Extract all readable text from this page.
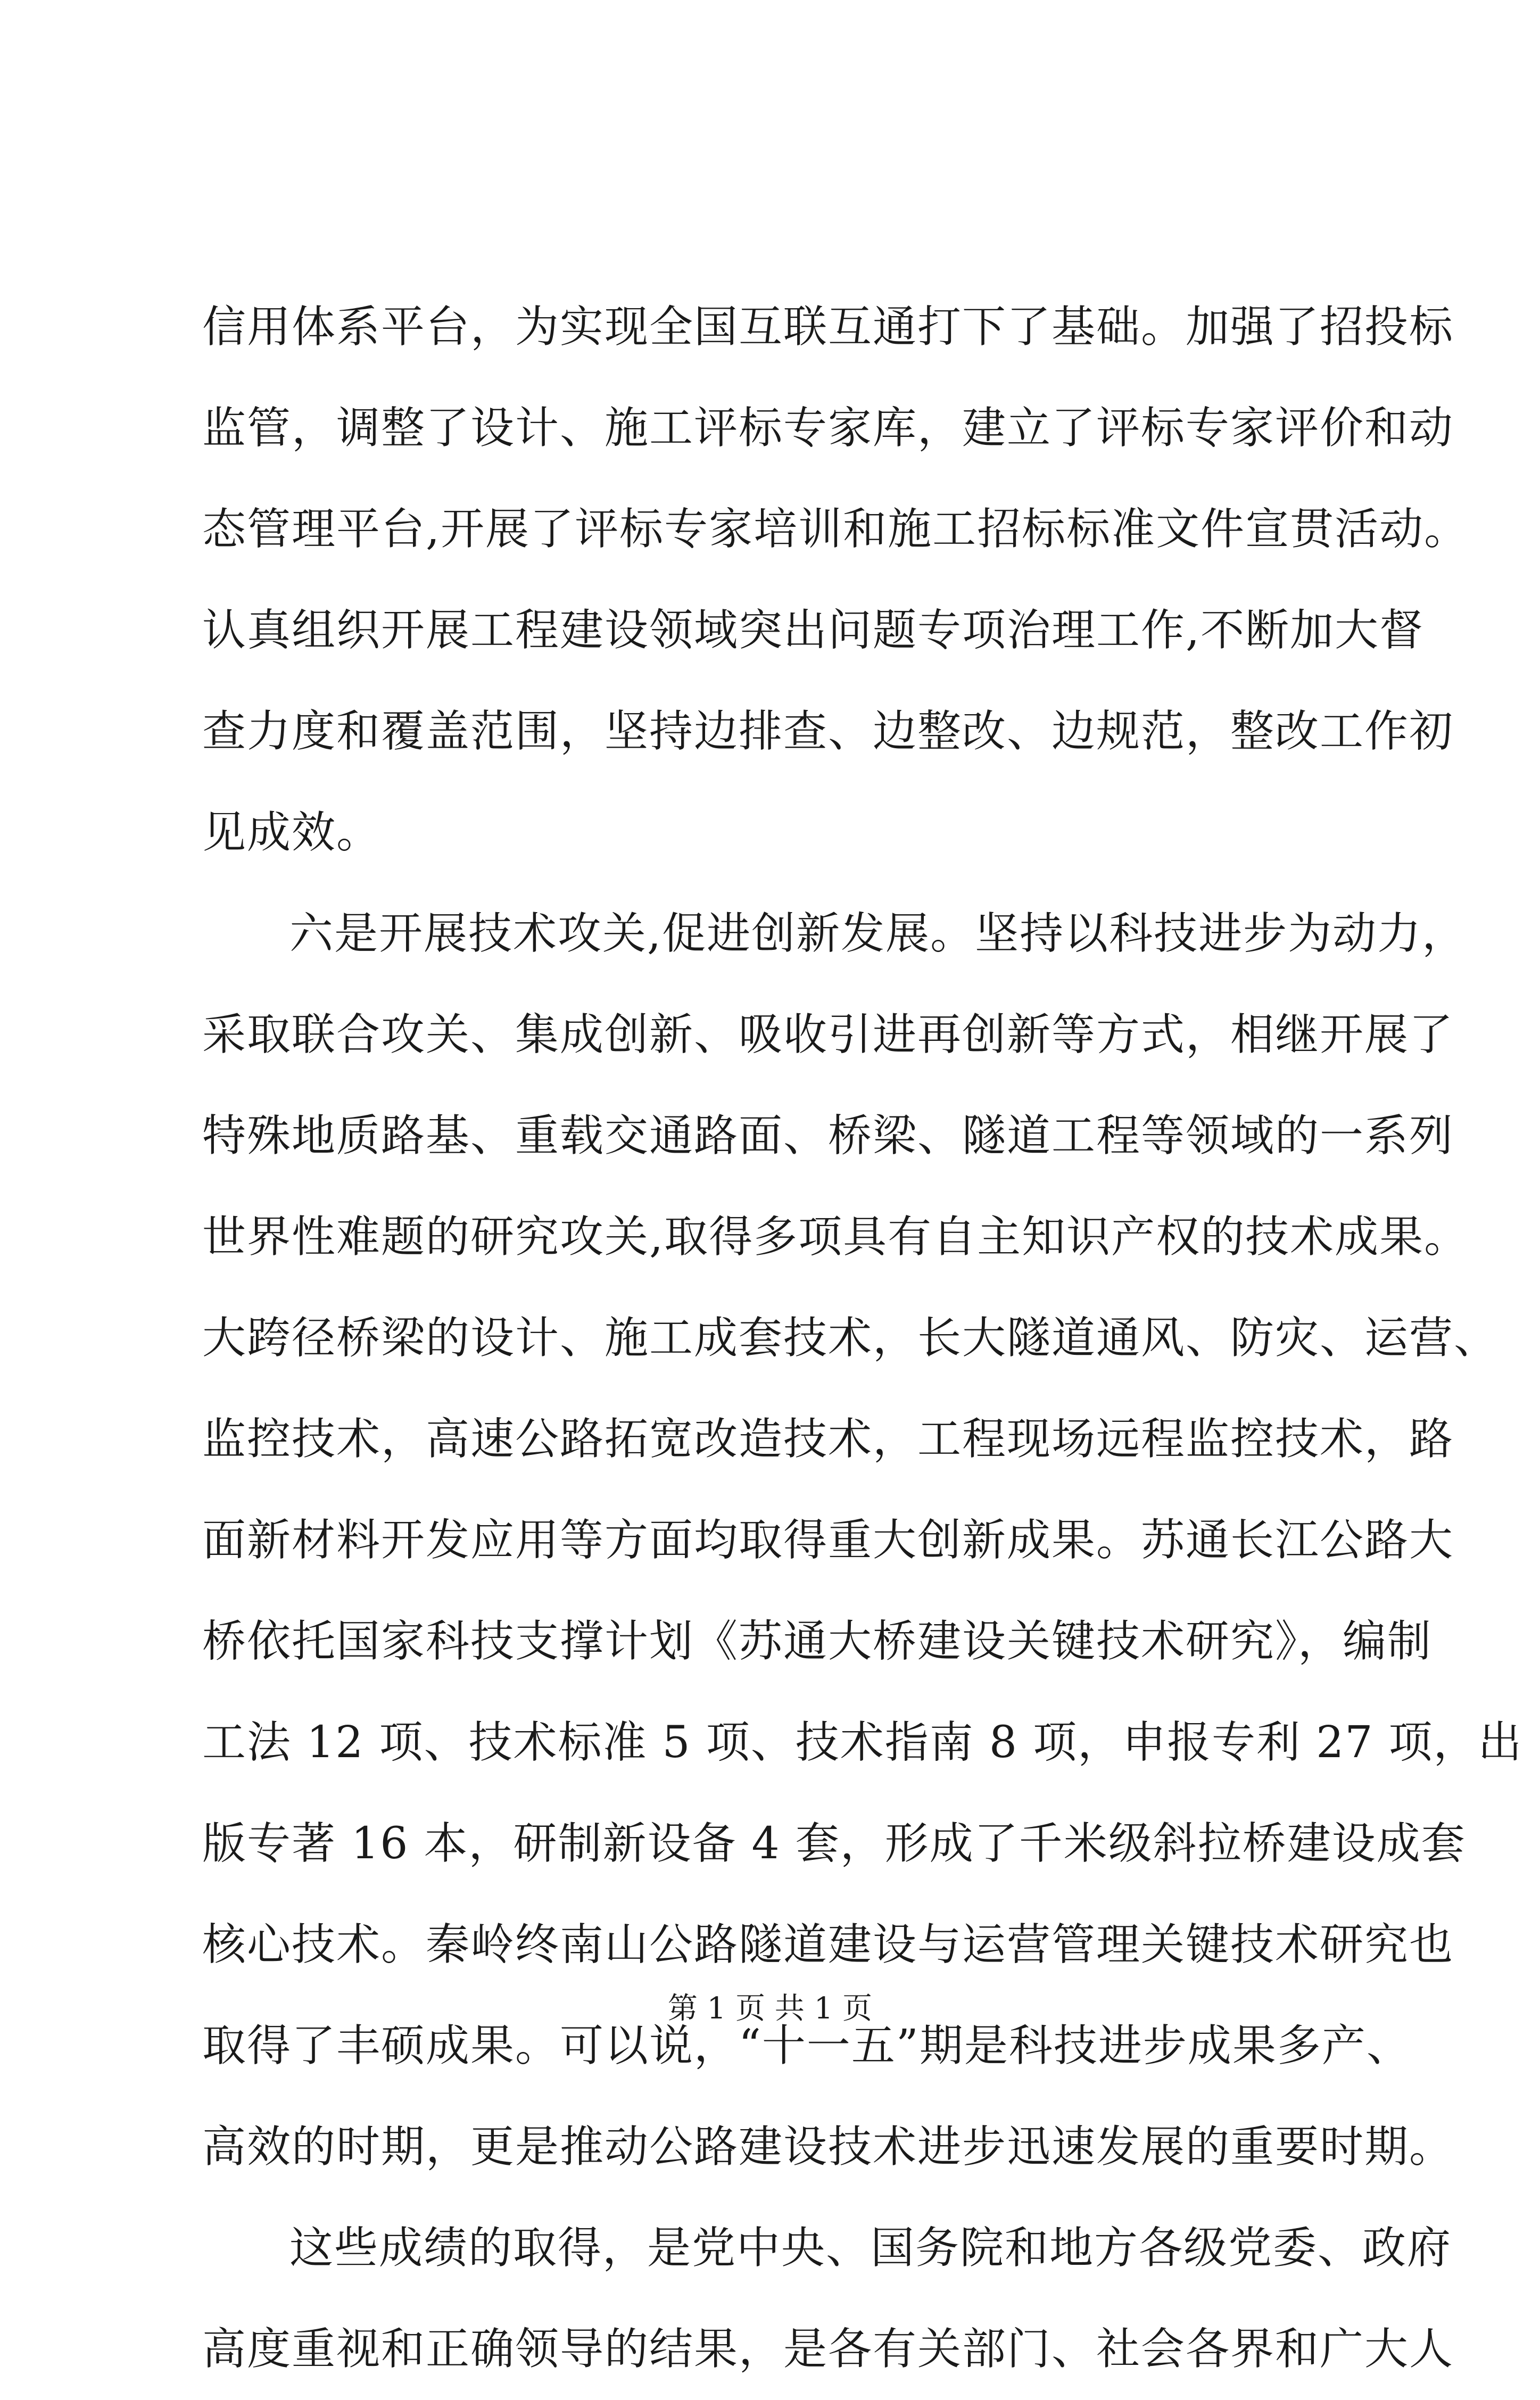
信用体系平台，为实现全国互联互通打下了基础。加强了招投标
监管，调整了设计、施工评标专家库，建立了评标专家评价和动
态管理平台,开展了评标专家培训和施工招标标准文件宣贯活动。
认真组织开展工程建设领域突出问题专项治理工作,不断加大督
查力度和覆盖范围，坚持边排查、边整改、边规范，整改工作初
见成效。
六是开展技术攻关,促进创新发展。坚持以科技进步为动力，
采取联合攻关、集成创新、吸收引进再创新等方式，相继开展了
特殊地质路基、重载交通路面、桥梁、隧道工程等领域的一系列
世界性难题的研究攻关,取得多项具有自主知识产权的技术成果。
大跨径桥梁的设计、施工成套技术，长大隧道通风、防灾、运营、
监控技术，高速公路拓宽改造技术，工程现场远程监控技术，路
面新材料开发应用等方面均取得重大创新成果。苏通长江公路大
桥依托国家科技支撑计划《苏通大桥建设关键技术研究》，编制
工法 12 项、技术标准 5 项、技术指南 8 项，申报专利 27 项，出
版专著 16 本，研制新设备 4 套，形成了千米级斜拉桥建设成套
核心技术。秦岭终南山公路隧道建设与运营管理关键技术研究也
取得了丰硕成果。可以说，“十一五”期是科技进步成果多产、
高效的时期，更是推动公路建设技术进步迅速发展的重要时期。
这些成绩的取得，是党中央、国务院和地方各级党委、政府
高度重视和正确领导的结果，是各有关部门、社会各界和广大人
第 1 页 共 1 页
